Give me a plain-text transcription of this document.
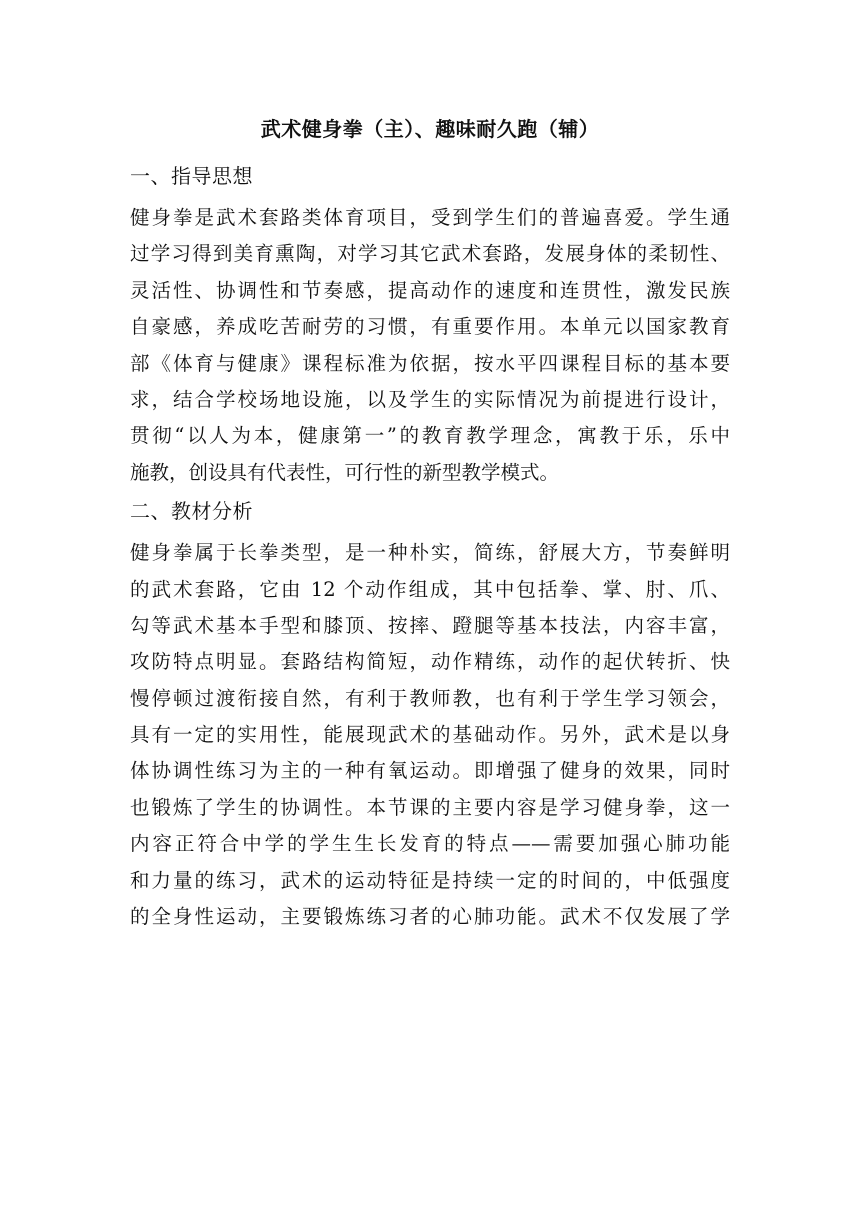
武术健身拳（主）、趣味耐久跑（辅）
一、指导思想
健身拳是武术套路类体育项目，受到学生们的普遍喜爱。学生通
过学习得到美育熏陶，对学习其它武术套路，发展身体的柔韧性、
灵活性、协调性和节奏感，提高动作的速度和连贯性，激发民族
自豪感，养成吃苦耐劳的习惯，有重要作用。本单元以国家教育
部《体育与健康》课程标准为依据，按水平四课程目标的基本要
求，结合学校场地设施，以及学生的实际情况为前提进行设计，
贯彻“以人为本，健康第一”的教育教学理念，寓教于乐，乐中
施教，创设具有代表性，可行性的新型教学模式。
二、教材分析
健身拳属于长拳类型，是一种朴实，简练，舒展大方，节奏鲜明
的武术套路，它由 12 个动作组成，其中包括拳、掌、肘、爪、
勾等武术基本手型和膝顶、按摔、蹬腿等基本技法，内容丰富，
攻防特点明显。套路结构简短，动作精练，动作的起伏转折、快
慢停顿过渡衔接自然，有利于教师教，也有利于学生学习领会，
具有一定的实用性，能展现武术的基础动作。另外，武术是以身
体协调性练习为主的一种有氧运动。即增强了健身的效果，同时
也锻炼了学生的协调性。本节课的主要内容是学习健身拳，这一
内容正符合中学的学生生长发育的特点——需要加强心肺功能
和力量的练习，武术的运动特征是持续一定的时间的，中低强度
的全身性运动，主要锻炼练习者的心肺功能。武术不仅发展了学
